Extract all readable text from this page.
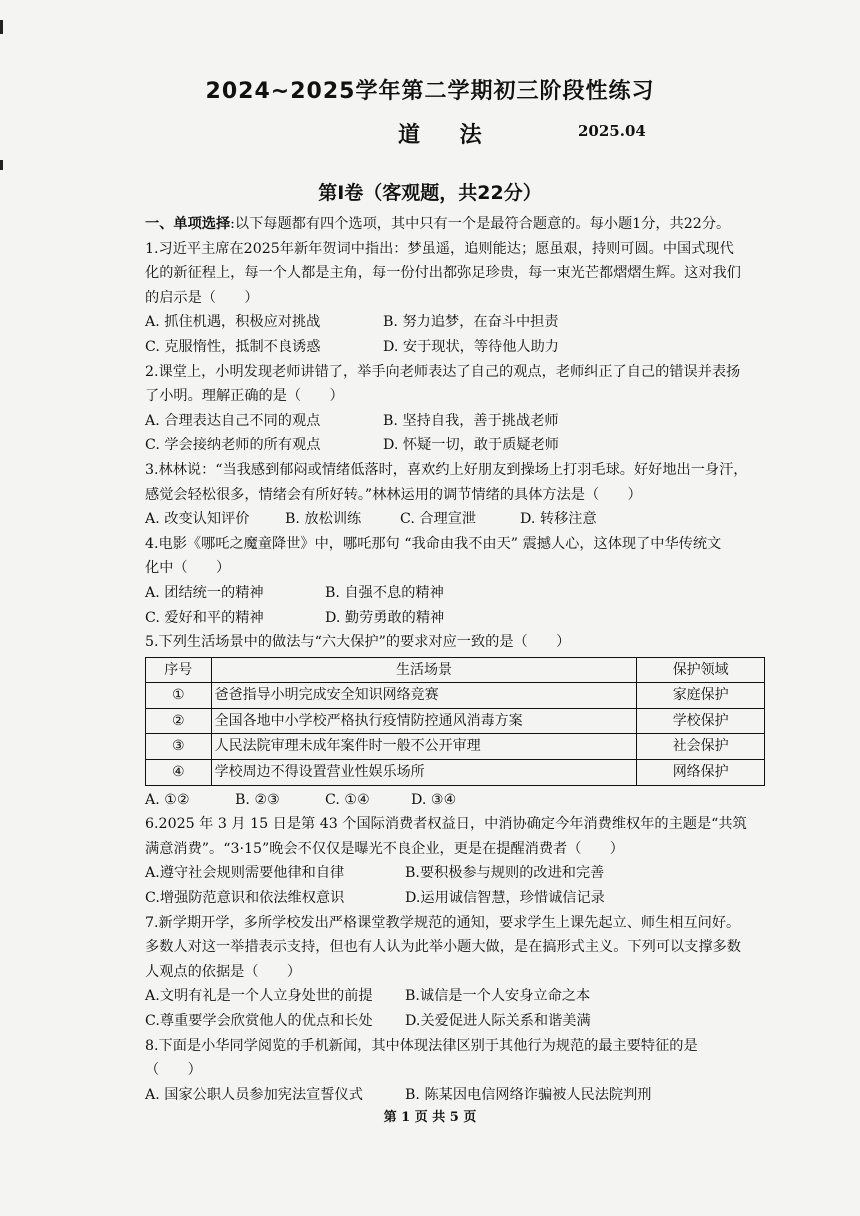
2024~2025学年第二学期初三阶段性练习
道 法	2025.04
第Ⅰ卷（客观题，共22分）
一、单项选择:以下每题都有四个选项，其中只有一个是最符合题意的。每小题1分，共22分。
1.习近平主席在2025年新年贺词中指出：梦虽遥，追则能达；愿虽艰，持则可圆。中国式现代
化的新征程上，每一个人都是主角，每一份付出都弥足珍贵，每一束光芒都熠熠生辉。这对我们
的启示是（　　）
A. 抓住机遇，积极应对挑战	B. 努力追梦，在奋斗中担责
C. 克服惰性，抵制不良诱惑	D. 安于现状，等待他人助力
2.课堂上，小明发现老师讲错了，举手向老师表达了自己的观点，老师纠正了自己的错误并表扬
了小明。理解正确的是（　　）
A. 合理表达自己不同的观点	B. 坚持自我，善于挑战老师
C. 学会接纳老师的所有观点	D. 怀疑一切，敢于质疑老师
3.林林说：“当我感到郁闷或情绪低落时，喜欢约上好朋友到操场上打羽毛球。好好地出一身汗，
感觉会轻松很多，情绪会有所好转。”林林运用的调节情绪的具体方法是（　　）
A. 改变认知评价	B. 放松训练	C. 合理宣泄	D. 转移注意
4.电影《哪吒之魔童降世》中，哪吒那句 “我命由我不由天” 震撼人心，这体现了中华传统文
化中（　　）
A. 团结统一的精神	B. 自强不息的精神
C. 爱好和平的精神	D. 勤劳勇敢的精神
5.下列生活场景中的做法与“六大保护”的要求对应一致的是（　　）
序号	生活场景	保护领域
①	爸爸指导小明完成安全知识网络竞赛	家庭保护
②	全国各地中小学校严格执行疫情防控通风消毒方案	学校保护
③	人民法院审理未成年案件时一般不公开审理	社会保护
④	学校周边不得设置营业性娱乐场所	网络保护
A. ①②	B. ②③	C. ①④	D. ③④
6.2025 年 3 月 15 日是第 43 个国际消费者权益日，中消协确定今年消费维权年的主题是“共筑
满意消费”。“3·15”晚会不仅仅是曝光不良企业，更是在提醒消费者（　　）
A.遵守社会规则需要他律和自律	B.要积极参与规则的改进和完善
C.增强防范意识和依法维权意识	D.运用诚信智慧，珍惜诚信记录
7.新学期开学，多所学校发出严格课堂教学规范的通知，要求学生上课先起立、师生相互问好。
多数人对这一举措表示支持，但也有人认为此举小题大做，是在搞形式主义。下列可以支撑多数
人观点的依据是（　　）
A.文明有礼是一个人立身处世的前提	B.诚信是一个人安身立命之本
C.尊重要学会欣赏他人的优点和长处	D.关爱促进人际关系和谐美满
8.下面是小华同学阅览的手机新闻，其中体现法律区别于其他行为规范的最主要特征的是
（　　）
A. 国家公职人员参加宪法宣誓仪式	B. 陈某因电信网络诈骗被人民法院判刑
第 1 页 共 5 页
